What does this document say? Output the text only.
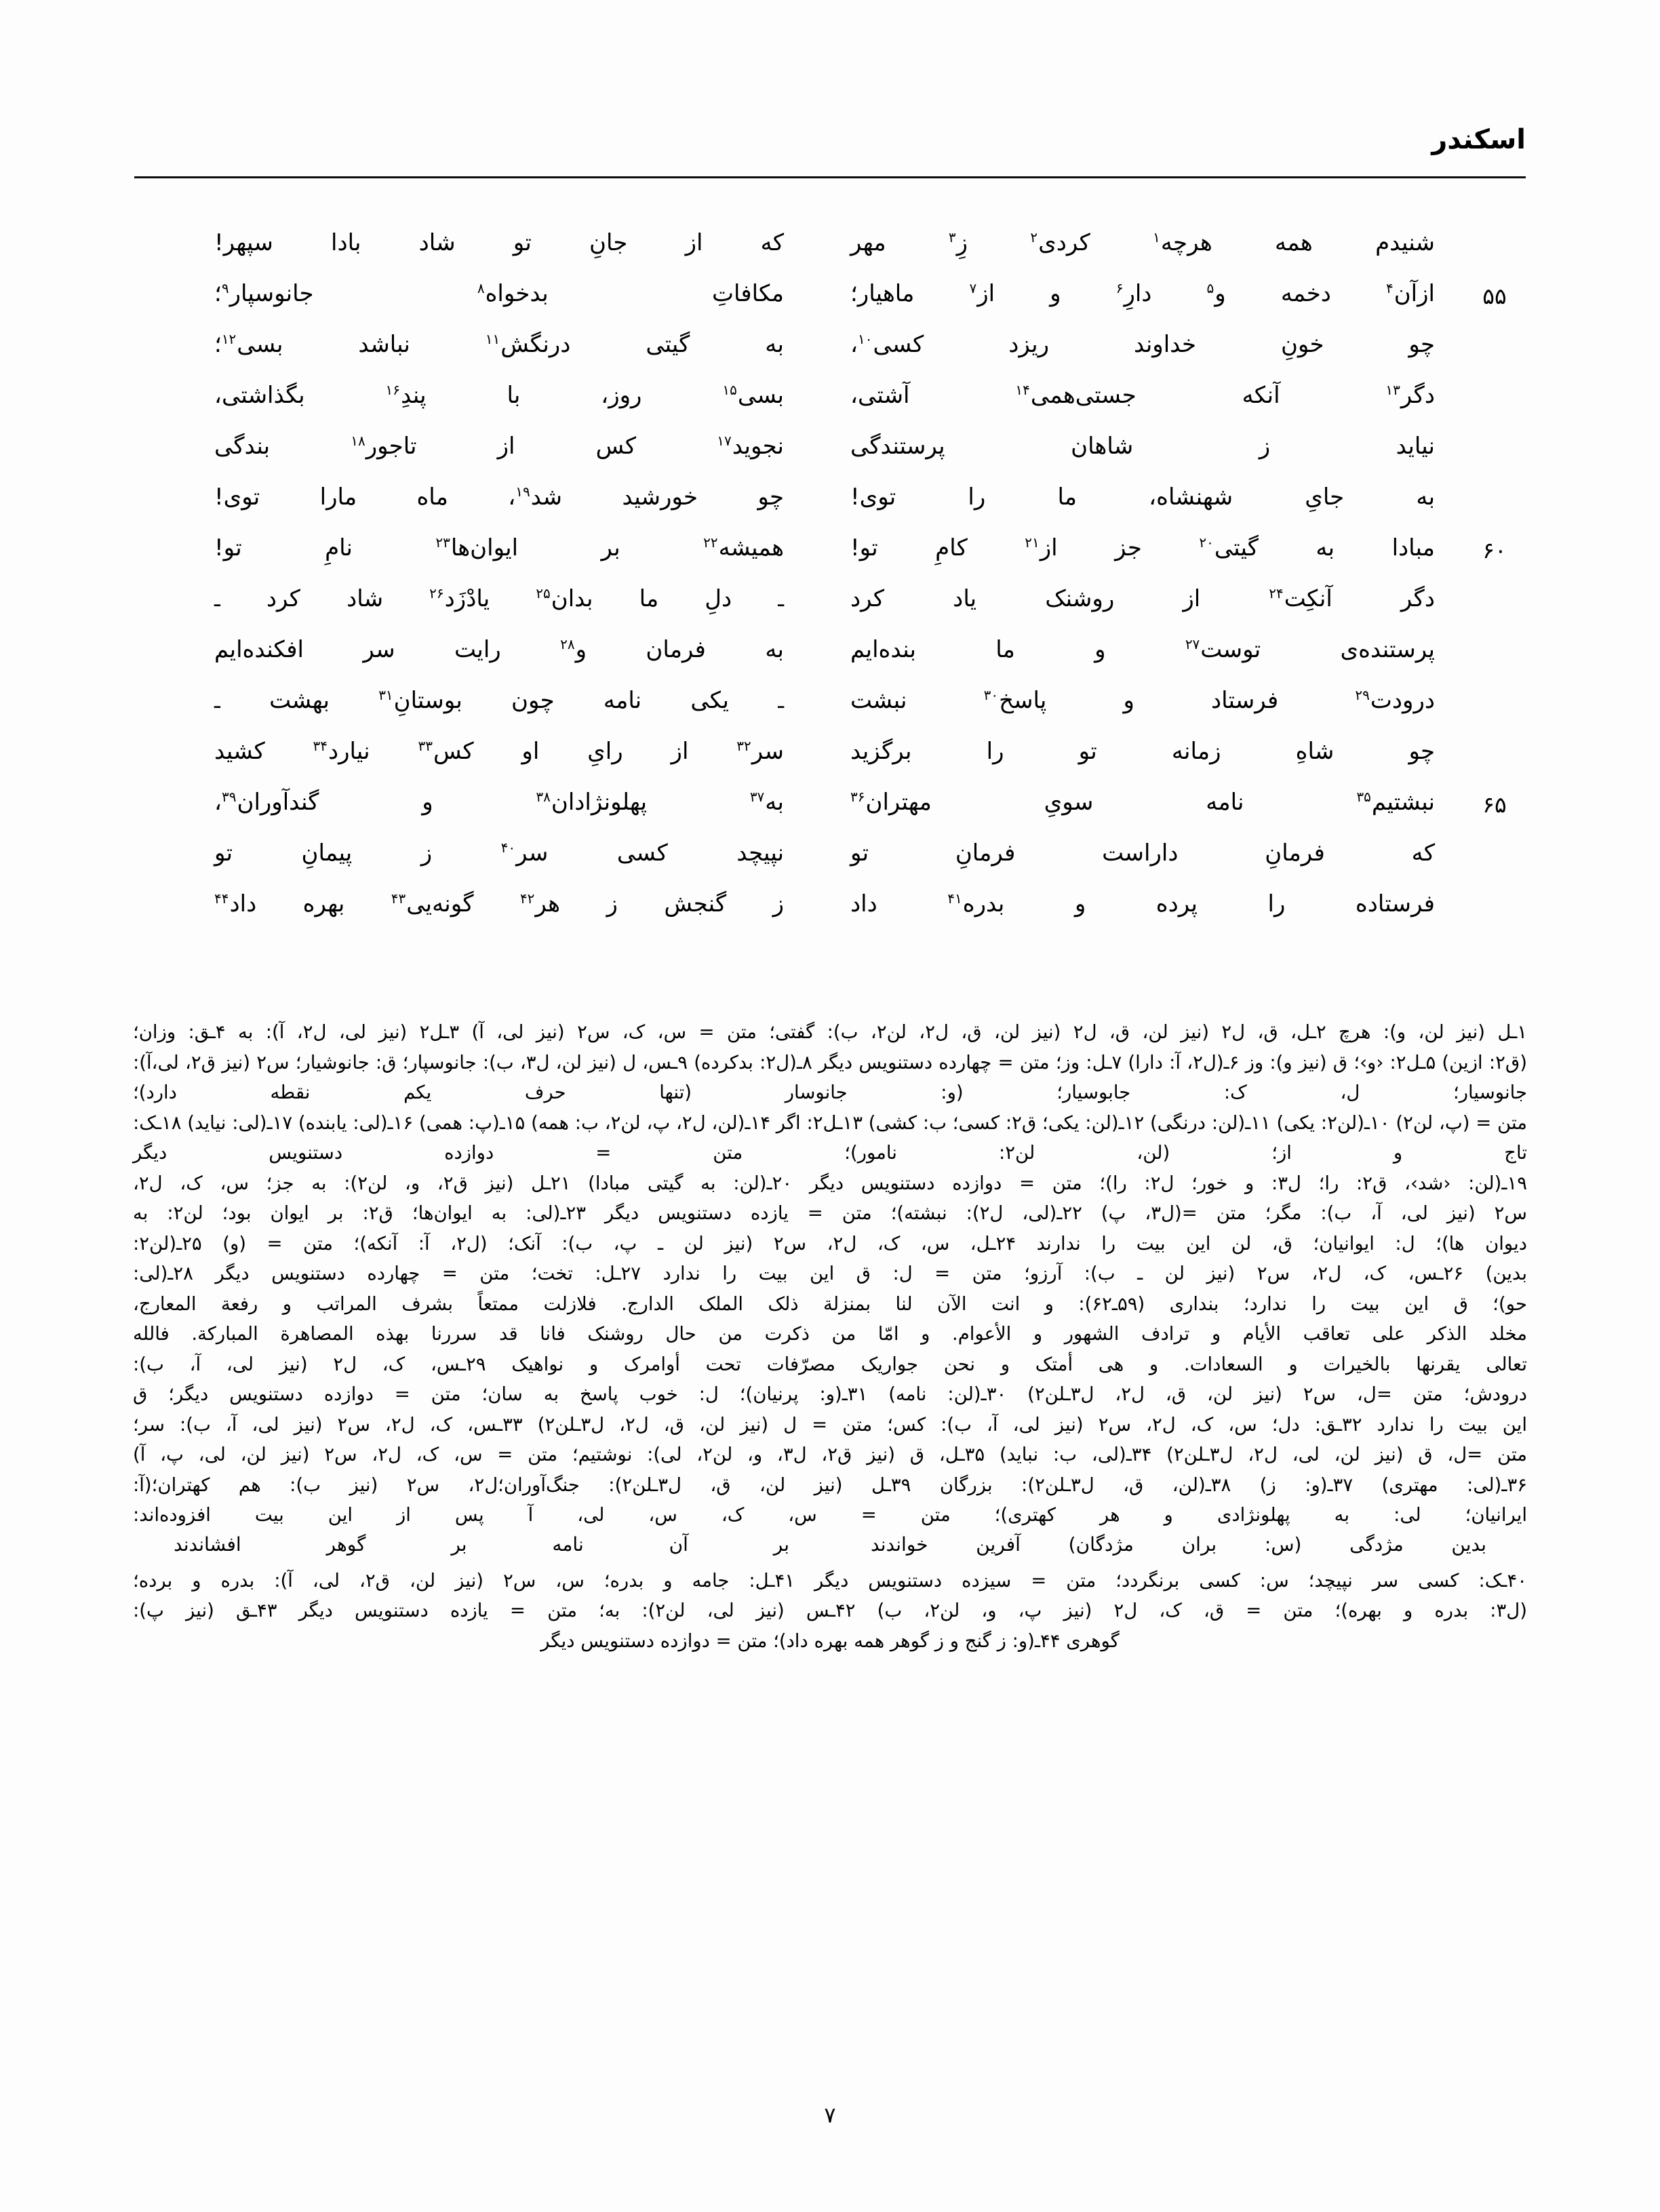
اسکندر
شنیدم همه هرچه$^۱$ کردی$^۲$ زِ$^۳$ مهر
که از جانِ تو شاد بادا سپهر!
۵۵
ازآن$^۴$ دخمه و$^۵$ دارِ$^۶$ و از$^۷$ ماهیار؛
مکافاتِ بدخواه$^۸$ جانوسپار$^۹$؛
چو خونِ خداوند ریزد کسی$^{۱۰}$،
به گیتی درنگش$^{۱۱}$ نباشد بسی$^{۱۲}$؛
دگر$^{۱۳}$ آنکه جستی‌همی$^{۱۴}$ آشتی،
بسی$^{۱۵}$ روز، با پندِ$^{۱۶}$ بگذاشتی،
نیاید ز شاهان پرستندگی
نجوید$^{۱۷}$ کس از تاجور$^{۱۸}$ بندگی
به جایِ شهنشاه، ما را توی!
چو خورشید شد$^{۱۹}$، ماه مارا توی!
۶۰
مبادا به گیتی$^{۲۰}$ جز از$^{۲۱}$ کامِ تو!
همیشه$^{۲۲}$ بر ایوان‌ها$^{۲۳}$ نامِ تو!
دگر آنکِت$^{۲۴}$ از روشنک یاد کرد
ـ دلِ ما بدان$^{۲۵}$ یادْزَد$^{۲۶}$ شاد کرد ـ
پرستنده‌ی توست$^{۲۷}$ و ما بنده‌ایم
به فرمان و$^{۲۸}$ رایت سر افکنده‌ایم
درودت$^{۲۹}$ فرستاد و پاسخ$^{۳۰}$ نبشت
ـ یکی نامه چون بوستانِ$^{۳۱}$ بهشت ـ
چو شاهِ زمانه تو را برگزید
سر$^{۳۲}$ از رایِ او کس$^{۳۳}$ نیارد$^{۳۴}$ کشید
۶۵
نبشتیم$^{۳۵}$ نامه سویِ مهتران$^{۳۶}$
به$^{۳۷}$ پهلو‌نژادان$^{۳۸}$ و گندآوران$^{۳۹}$،
که فرمانِ داراست فرمانِ تو
نپیچد کسی سر$^{۴۰}$ ز پیمانِ تو
فرستاده را پرده و بدره$^{۴۱}$ داد
ز گنجش ز هر$^{۴۲}$ گونه‌یی$^{۴۳}$ بهره داد$^{۴۴}$

۱ـل (نیز لن، و): هرچ ۲ـل، ق، ل۲ (نیز لن، ق، ل۲ (نیز لن، ق، ل۲، لن۲، ب): گفتی؛ متن = س، ک، س۲ (نیز لی، آ) ۳ـل۲ (نیز لی، ل۲، آ): به ۴ـق: وزان؛

(ق۲: ازین) ۵ـل۲: ‹و›؛ ق (نیز و): وز ۶ـ(ل۲، آ: دارا) ۷ـل: وز؛ متن = چهارده دستنویس دیگر ۸ـ(ل۲: بدکرده) ۹ـس، ل (نیز لن، ل۳، ب): جانوسپار؛ ق: جانوشیار؛ س۲ (نیز ق۲، لی،آ): جانوسیار؛ ل، ک: جابوسیار؛ (و: جانوسار (تنها حرف یکم نقطه دارد)؛

متن = (پ، لن۲) ۱۰ـ(لن۲: یکی) ۱۱ـ(لن: درنگی) ۱۲ـ(لن: یکی؛ ق۲: کسی؛ ب: کشی) ۱۳ـل۲: اگر ۱۴ـ(لن، ل۲، پ، لن۲، ب: همه) ۱۵ـ(پ: همی) ۱۶ـ(لی: یابنده) ۱۷ـ(لی: نیاید) ۱۸ـک: تاج و از؛ (لن، لن۲: نامور)؛ متن = دوازده دستنویس دیگر

۱۹ـ(لن: ‹شد›، ق۲: را؛ ل۳: و خور؛ ل۲: را)؛ متن = دوازده دستنویس دیگر ۲۰ـ(لن: به گیتی مبادا) ۲۱ـل (نیز ق۲، و، لن۲): به جز؛ س، ک، ل۲،

س۲ (نیز لی، آ، ب): مگر؛ متن =(ل۳، پ) ۲۲ـ(لی، ل۲): نبشته)؛ متن = یازده دستنویس دیگر ۲۳ـ(لی: به ایوان‌ها؛ ق۲: بر ایوان بود؛ لن۲: به

دیوان ها)؛ ل: ایوانیان؛ ق، لن این بیت را ندارند ۲۴ـل، س، ک، ل۲، س۲ (نیز لن ـ پ، ب): آنک؛ (ل۲، آ: آنکه)؛ متن = (و) ۲۵ـ(لن۲:

بدین) ۲۶ـس، ک، ل۲، س۲ (نیز لن ـ ب): آرزو؛ متن = ل: ق این بیت را ندارد ۲۷ـل: تخت؛ متن = چهارده دستنویس دیگر ۲۸ـ(لی:

حو)؛ ق این بیت را ندارد؛ بنداری (۵۹ـ۶۲): و انت الآن لنا بمنزلة ذلک الملک الدارج. فلازلت ممتعاً بشرف المراتب و رفعة المعارج،

مخلد الذکر علی تعاقب الأیام و ترادف الشهور و الأعوام. و امّا من ذکرت من حال روشنک فانا قد سررنا بهذه المصاهرة المبارکة. فالله

تعالی یقرنها بالخیرات و السعادات. و هی أمتک و نحن جواریک مصرّفات تحت أوامرک و نواهیک ۲۹ـس، ک، ل۲ (نیز لی، آ، ب):

درودش؛ متن =ل، س۲ (نیز لن، ق، ل۲، ل۳ـلن۲) ۳۰ـ(لن: نامه) ۳۱ـ(و: پرنیان)؛ ل: خوب پاسخ به سان؛ متن = دوازده دستنویس دیگر؛ ق

این بیت را ندارد ۳۲ـق: دل؛ س، ک، ل۲، س۲ (نیز لی، آ، ب): کس؛ متن = ل (نیز لن، ق، ل۲، ل۳ـلن۲) ۳۳ـس، ک، ل۲، س۲ (نیز لی، آ، ب): سر؛

متن =ل، ق (نیز لن، لی، ل۲، ل۳ـلن۲) ۳۴ـ(لی، ب: نباید) ۳۵ـل، ق (نیز ق۲، ل۳، و، لن۲، لی): نوشتیم؛ متن = س، ک، ل۲، س۲ (نیز لن، لی، پ، آ)

۳۶ـ(لی: مهتری) ۳۷ـ(و: ز) ۳۸ـ(لن، ق، ل۳ـلن۲): بزرگان ۳۹ـل (نیز لن، ق، ل۳ـلن۲): جنگ‌آوران؛ل۲، س۲ (نیز ب): هم کهتران؛(آ:

ایرانیان؛ لی: به پهلونژادی و هر کهتری)؛ متن = س، ک، س، لی، آ پس از این بیت افزوده‌اند:

۴۰ـک: کسی سر نپیچد؛ س: کسی برنگردد؛ متن = سیزده دستنویس دیگر ۴۱ـل: جامه و بدره؛ س، س۲ (نیز لن، ق۲، لی، آ): بدره و برده؛

(ل۳: بدره و بهره)؛ متن = ق، ک، ل۲ (نیز پ، و، لن۲، ب) ۴۲ـس (نیز لی، لن۲): به؛ متن = یازده دستنویس دیگر ۴۳ـق (نیز پ):

گوهری ۴۴ـ(و: ز گنج و ز گوهر همه بهره داد)؛ متن = دوازده دستنویس دیگر

بدین مژدگی (س: بران مژدگان) آفرین خواندند
بر آن نامه بر گوهر افشاندند
۷
